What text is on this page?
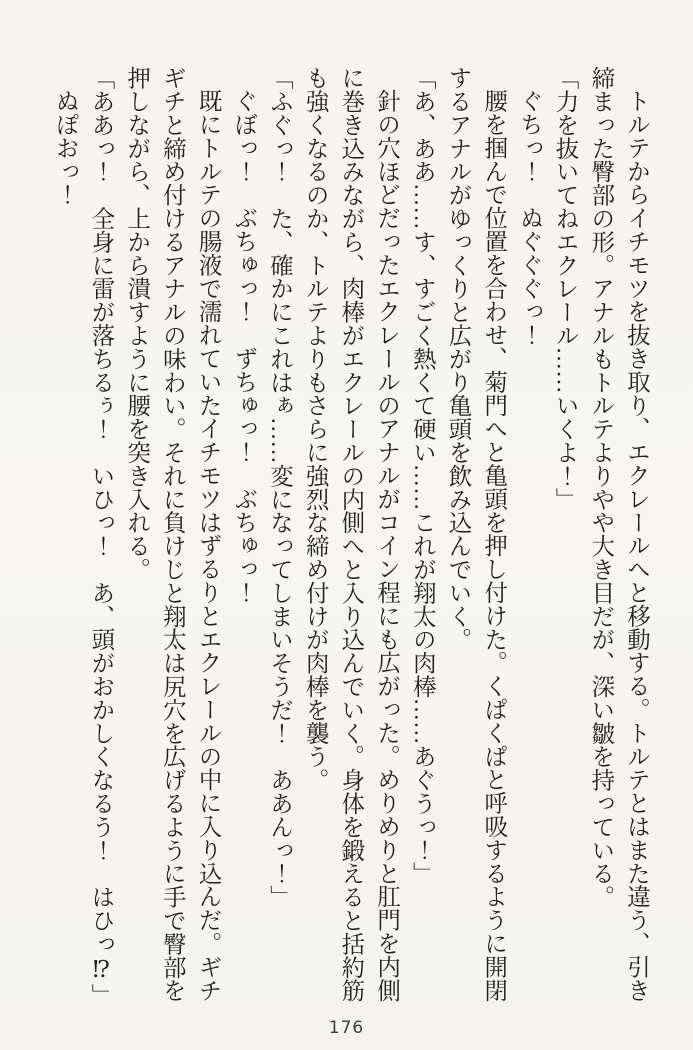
トルテからイチモツを抜き取り、エクレールへと移動する。トルテとはまた違う、引き
締まった臀部の形。アナルもトルテよりやや大き目だが、深い皺を持っている。
「力を抜いてねエクレール……いくよ！」
ぐちっ！　ぬぐぐぐっ！
腰を掴んで位置を合わせ、菊門へと亀頭を押し付けた。くぱくぱと呼吸するように開閉
するアナルがゆっくりと広がり亀頭を飲み込んでいく。
「あ、ああ……す、すごく熱くて硬い……これが翔太の肉棒……あぐうっ！」
針の穴ほどだったエクレールのアナルがコイン程にも広がった。めりめりと肛門を内側
に巻き込みながら、肉棒がエクレールの内側へと入り込んでいく。身体を鍛えると括約筋
も強くなるのか、トルテよりもさらに強烈な締め付けが肉棒を襲う。
「ふぐっ！　た、確かにこれはぁ……変になってしまいそうだ！　ああんっ！」
ぐぼっ！　ぶちゅっ！　ずちゅっ！　ぶちゅっ！
既にトルテの腸液で濡れていたイチモツはずるりとエクレールの中に入り込んだ。ギチ
ギチと締め付けるアナルの味わい。それに負けじと翔太は尻穴を広げるように手で臀部を
押しながら、上から潰すように腰を突き入れる。
「ああっ！　全身に雷が落ちるぅ！　いひっ！　あ、頭がおかしくなるう！　はひっ⁉」
ぬぽおっ！
176
